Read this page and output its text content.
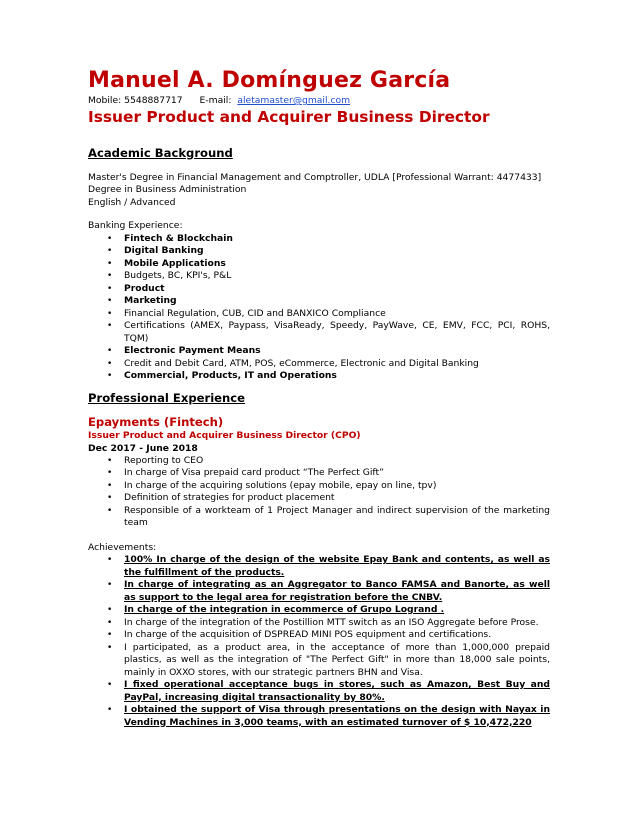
Manuel A. Domínguez García
Mobile: 5548887717 E-mail: aletamaster@gmail.com
Issuer Product and Acquirer Business Director
Academic Background
Master's Degree in Financial Management and Comptroller, UDLA [Professional Warrant: 4477433]
Degree in Business Administration
English / Advanced
Banking Experience:
• Fintech & Blockchain
• Digital Banking
• Mobile Applications
• Budgets, BC, KPI's, P&L
• Product
• Marketing
• Financial Regulation, CUB, CID and BANXICO Compliance
• Certifications (AMEX, Paypass, VisaReady, Speedy, PayWave, CE, EMV, FCC, PCI, ROHS, TQM)
• Electronic Payment Means
• Credit and Debit Card, ATM, POS, eCommerce, Electronic and Digital Banking
• Commercial, Products, IT and Operations
Professional Experience
Epayments (Fintech)
Issuer Product and Acquirer Business Director (CPO)
Dec 2017 - June 2018
• Reporting to CEO
• In charge of Visa prepaid card product “The Perfect Gift”
• In charge of the acquiring solutions (epay mobile, epay on line, tpv)
• Definition of strategies for product placement
• Responsible of a workteam of 1 Project Manager and indirect supervision of the marketing team
Achievements:
• 100% In charge of the design of the website Epay Bank and contents, as well as the fulfillment of the products.
• In charge of integrating as an Aggregator to Banco FAMSA and Banorte, as well as support to the legal area for registration before the CNBV.
• In charge of the integration in ecommerce of Grupo Logrand .
• In charge of the integration of the Postillion MTT switch as an ISO Aggregate before Prose.
• In charge of the acquisition of DSPREAD MINI POS equipment and certifications.
• I participated, as a product area, in the acceptance of more than 1,000,000 prepaid plastics, as well as the integration of "The Perfect Gift" in more than 18,000 sale points, mainly in OXXO stores, with our strategic partners BHN and Visa.
• I fixed operational acceptance bugs in stores, such as Amazon, Best Buy and PayPal, increasing digital transactionality by 80%.
• I obtained the support of Visa through presentations on the design with Nayax in Vending Machines in 3,000 teams, with an estimated turnover of $ 10,472,220
